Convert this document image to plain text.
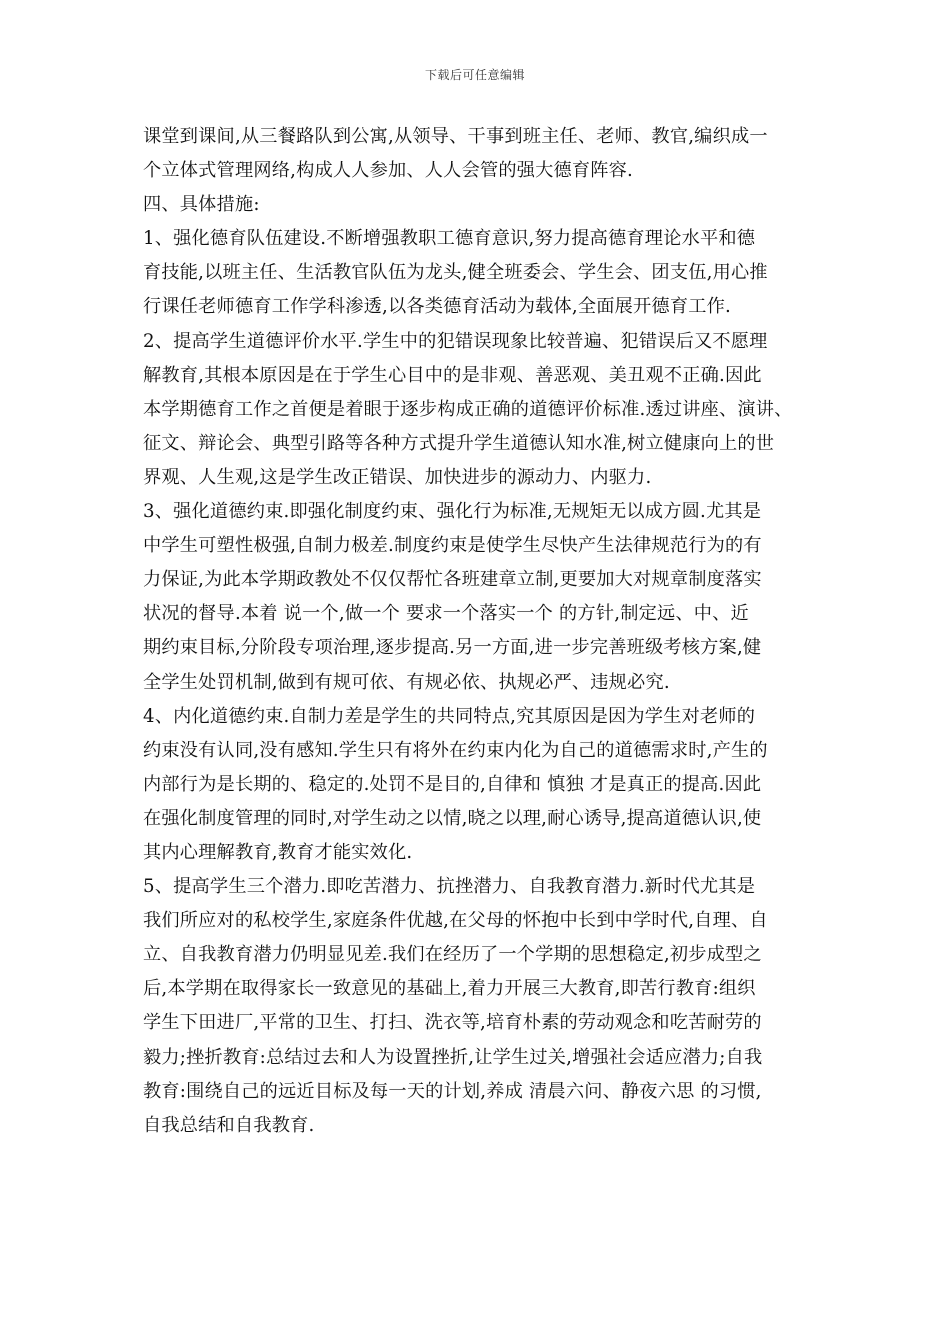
下载后可任意编辑
课堂到课间,从三餐路队到公寓,从领导、干事到班主任、老师、教官,编织成一
个立体式管理网络,构成人人参加、人人会管的强大德育阵容.
四、具体措施:
1、强化德育队伍建设.不断增强教职工德育意识,努力提高德育理论水平和德
育技能,以班主任、生活教官队伍为龙头,健全班委会、学生会、团支伍,用心推
行课任老师德育工作学科渗透,以各类德育活动为载体,全面展开德育工作.
2、提高学生道德评价水平.学生中的犯错误现象比较普遍、犯错误后又不愿理
解教育,其根本原因是在于学生心目中的是非观、善恶观、美丑观不正确.因此
本学期德育工作之首便是着眼于逐步构成正确的道德评价标准.透过讲座、演讲、
征文、辩论会、典型引路等各种方式提升学生道德认知水准,树立健康向上的世
界观、人生观,这是学生改正错误、加快进步的源动力、内驱力.
3、强化道德约束.即强化制度约束、强化行为标准,无规矩无以成方圆.尤其是
中学生可塑性极强,自制力极差.制度约束是使学生尽快产生法律规范行为的有
力保证,为此本学期政教处不仅仅帮忙各班建章立制,更要加大对规章制度落实
状况的督导.本着 说一个,做一个 要求一个落实一个 的方针,制定远、中、近
期约束目标,分阶段专项治理,逐步提高.另一方面,进一步完善班级考核方案,健
全学生处罚机制,做到有规可依、有规必依、执规必严、违规必究.
4、内化道德约束.自制力差是学生的共同特点,究其原因是因为学生对老师的
约束没有认同,没有感知.学生只有将外在约束内化为自己的道德需求时,产生的
内部行为是长期的、稳定的.处罚不是目的,自律和 慎独 才是真正的提高.因此
在强化制度管理的同时,对学生动之以情,晓之以理,耐心诱导,提高道德认识,使
其内心理解教育,教育才能实效化.
5、提高学生三个潜力.即吃苦潜力、抗挫潜力、自我教育潜力.新时代尤其是
我们所应对的私校学生,家庭条件优越,在父母的怀抱中长到中学时代,自理、自
立、自我教育潜力仍明显见差.我们在经历了一个学期的思想稳定,初步成型之
后,本学期在取得家长一致意见的基础上,着力开展三大教育,即苦行教育:组织
学生下田进厂,平常的卫生、打扫、洗衣等,培育朴素的劳动观念和吃苦耐劳的
毅力;挫折教育:总结过去和人为设置挫折,让学生过关,增强社会适应潜力;自我
教育:围绕自己的远近目标及每一天的计划,养成 清晨六问、静夜六思 的习惯,
自我总结和自我教育.
